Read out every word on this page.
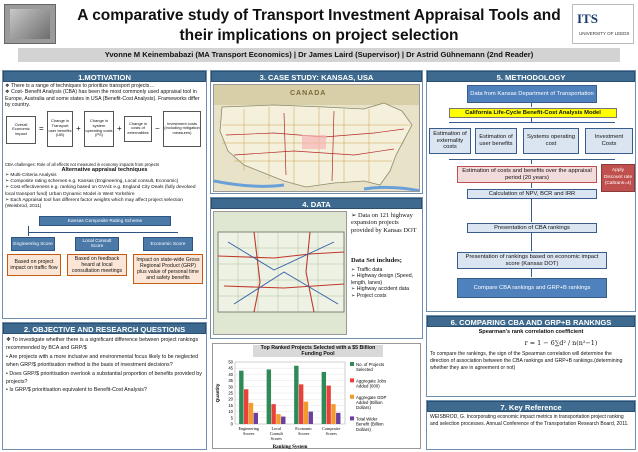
A comparative study of Transport Investment Appraisal Tools and
their implications on project selection
ITS
UNIVERSITY OF LEEDS
Yvonne M Keinembabazi (MA Transport Economics) | Dr James Laird (Supervisor) | Dr Astrid Gühnemann (2nd Reader)
1.MOTIVATION
❖ There is a range of techniques to prioritize transport projects…
❖ Cost- Benefit Analysis (CBA) has been the most commonly used appraisal tool in Europe, Australia and some states in USA (Benefit-Cost Analysis). Frameworks differ by country.
Overall Economic impact
=
Change in Transport user benefits (UB)
+
Change in system operating costs (PS)
+
Change in costs of externalities −
Investment costs (Including mitigation measures)
CBA challenges: Role of all effects not measured in economy impacts from projects
Alternative appraisal techniques
➢ Multi-Criteria Analysis
➢ Composite rating schemes e.g. Kansas (Engineering, Local consult, Economic)
➢ Cost effectiveness e.g. ranking based on GVA/£ e.g. England City Deals (fully devolved local transport fund) Urban Dynamic Model in West Yorkshire
➢ Each Appraisal tool has different factor weights which may affect project selection (Weisbrod, 2011)
Kansas Composite Rating Scheme
Engineering Score
Local Consult Score
Economic Score
Based on project impact on traffic flow
Based on feedback heard at local consultation meetings
Impact on state-wide Gross Regional Product (GRP) plus value of personal time and safety benefits
2. OBJECTIVE AND RESEARCH QUESTIONS
❖ To investigate whether there is a significant difference between project rankings recommended by BCA and GRP/$
• Are projects with a more inclusive and environmental focus likely to be neglected when GRP/$ prioritisation method is the basis of investment decisions?
• Does GRP/$ prioritisation overlook a substantial proportion of benefits provided by projects?
• Is GRP/$ prioritisation equivalent to Benefit-Cost Analysis?
3. CASE STUDY: KANSAS, USA
CANADA
4. DATA
➢ Data on 121 highway expansion projects provided by Kansas DOT
Data Set includes;
➢ Traffic data
➢ Highway design (Speed, length, lanes)
➢ Highway accident data
➢ Project costs
Top Ranked Projects Selected with a $5 Billion Funding Pool
0
5
10
15
20
25
30
35
40
45
50
Engineering
Scores
Local
Consult
Scores
Economic
Scores
Composite
Scores
Ranking System
Quantity
No. of Projects
Selected
Aggregate Jobs
Added (000)
Aggregate GDP
Added (Billion
Dollars)
Total Wider
Benefit (Billion
Dollars)
5. METHODOLOGY
Data from Kansas Department of Transportation
California Life-Cycle Benefit-Cost Analysis Model
Estimation of externality costs
Estimation of user benefits
Systems operating cost
Investment Costs
Estimation of costs and benefits over the appraisal period (20 years)
Apply Discount rate (Caltrans=4)
Calculation of NPV, BCR and IRR
Presentation of CBA rankings
Presentation of rankings based on economic impact score (Kansas DOT)
Compare CBA rankings and GRP+B rankings
6. COMPARING CBA AND GRP+B RANKNGS
Spearman's rank correlation coefficient
r = 1 − 6∑d² / n(n²−1)
To compare the rankings, the sign of the Spearman correlation will determine the direction of association between the CBA rankings and GRP+B rankings.(determining whether they are in agreement or not)
7. Key Reference
WEISBROD, G. Incorporating economic impact metrics in transportation project ranking and selection processes. Annual Conference of the Transportation Research Board, 2011.
